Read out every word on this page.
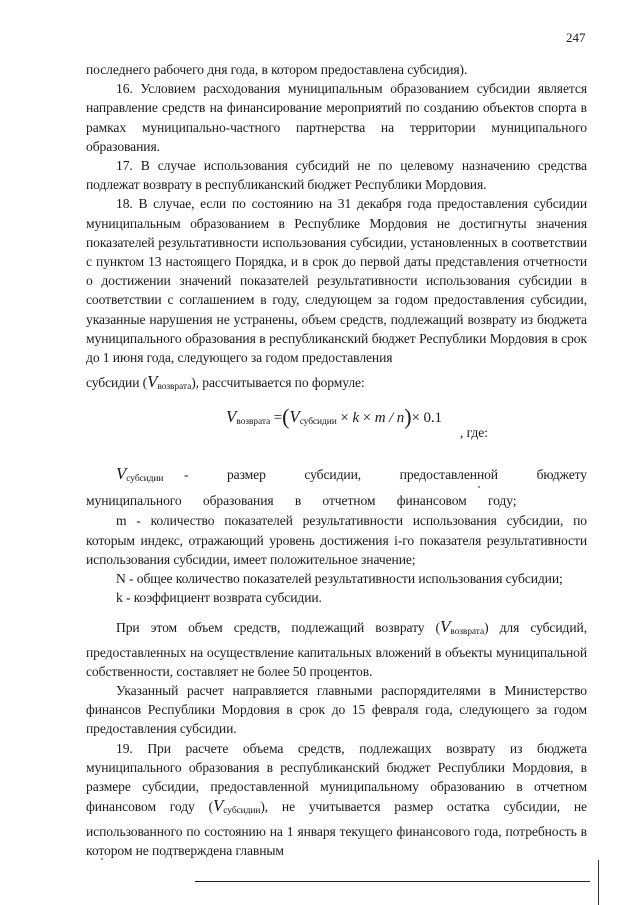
247

последнего рабочего дня года, в котором предоставлена субсидия).

16. Условием расходования муниципальным образованием субсидии является направление средств на финансирование мероприятий по созданию объектов спорта в рамках муниципально-частного партнерства на территории муниципального образования.

17. В случае использования субсидий не по целевому назначению средства подлежат возврату в республиканский бюджет Республики Мордовия.

18. В случае, если по состоянию на 31 декабря года предоставления субсидии муниципальным образованием в Республике Мордовия не достигнуты значения показателей результативности использования субсидии, установленных в соответствии с пунктом 13 настоящего Порядка, и в срок до первой даты представления отчетности о достижении значений показателей результативности использования субсидии в соответствии с соглашением в году, следующем за годом предоставления субсидии, указанные нарушения не устранены, объем средств, подлежащий возврату из бюджета муниципального образования в республиканский бюджет Республики Мордовия в срок до 1 июня года, следующего за годом предоставления

субсидии $(V_{возврата})$, рассчитывается по формуле:

$V_{возврата} =(V_{субсидии} \times k \times m / n)\times 0.1$
, где:

$V_{субсидии}$ - размер субсидии, предоставленной бюджету муниципального образования в отчетном финансовом году;

m - количество показателей результативности использования субсидии, по которым индекс, отражающий уровень достижения i-го показателя результативности использования субсидии, имеет положительное значение;

N - общее количество показателей результативности использования субсидии;

k - коэффициент возврата субсидии.

При этом объем средств, подлежащий возврату $(V_{возврата})$ для субсидий, предоставленных на осуществление капитальных вложений в объекты муниципальной собственности, составляет не более 50 процентов.

Указанный расчет направляется главными распорядителями в Министерство финансов Республики Мордовия в срок до 15 февраля года, следующего за годом предоставления субсидии.

19. При расчете объема средств, подлежащих возврату из бюджета муниципального образования в республиканский бюджет Республики Мордовия, в размере субсидии, предоставленной муниципальному образованию в отчетном финансовом году $(V_{субсидии})$, не учитывается размер остатка субсидии, не использованного по состоянию на 1 января текущего финансового года, потребность в котором не подтверждена главным
